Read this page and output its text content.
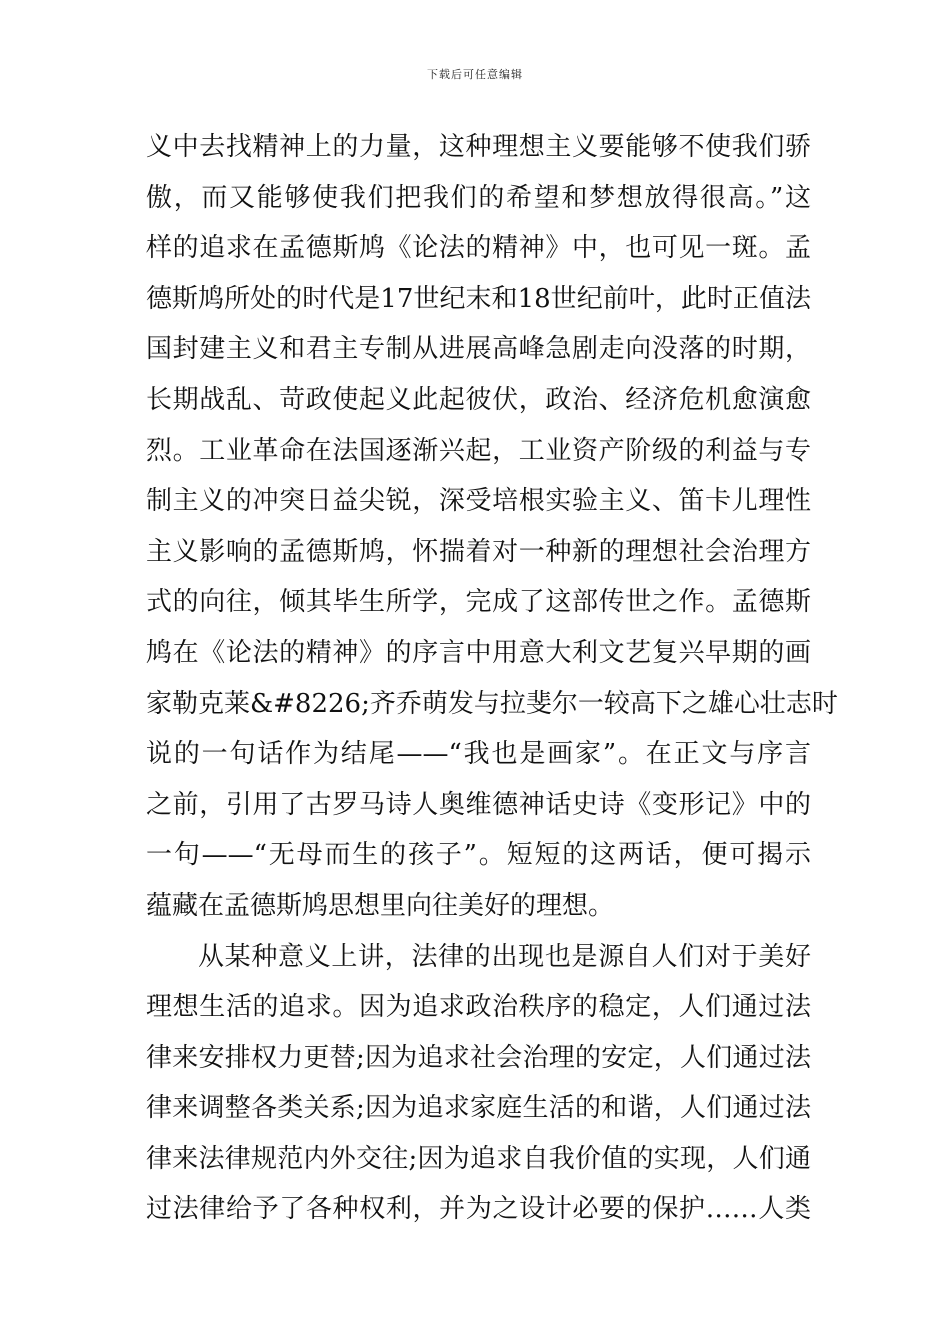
下载后可任意编辑
义中去找精神上的力量，这种理想主义要能够不使我们骄
傲，而又能够使我们把我们的希望和梦想放得很高。”这
样的追求在孟德斯鸠《论法的精神》中，也可见一斑。孟
德斯鸠所处的时代是17世纪末和18世纪前叶，此时正值法
国封建主义和君主专制从进展高峰急剧走向没落的时期，
长期战乱、苛政使起义此起彼伏，政治、经济危机愈演愈
烈。工业革命在法国逐渐兴起，工业资产阶级的利益与专
制主义的冲突日益尖锐，深受培根实验主义、笛卡儿理性
主义影响的孟德斯鸠，怀揣着对一种新的理想社会治理方
式的向往，倾其毕生所学，完成了这部传世之作。孟德斯
鸠在《论法的精神》的序言中用意大利文艺复兴早期的画
家勒克莱&#8226;齐乔萌发与拉斐尔一较高下之雄心壮志时
说的一句话作为结尾——“我也是画家”。在正文与序言
之前，引用了古罗马诗人奥维德神话史诗《变形记》中的
一句——“无母而生的孩子”。短短的这两话，便可揭示
蕴藏在孟德斯鸠思想里向往美好的理想。
从某种意义上讲，法律的出现也是源自人们对于美好
理想生活的追求。因为追求政治秩序的稳定，人们通过法
律来安排权力更替;因为追求社会治理的安定，人们通过法
律来调整各类关系;因为追求家庭生活的和谐，人们通过法
律来法律规范内外交往;因为追求自我价值的实现，人们通
过法律给予了各种权利，并为之设计必要的保护……人类
